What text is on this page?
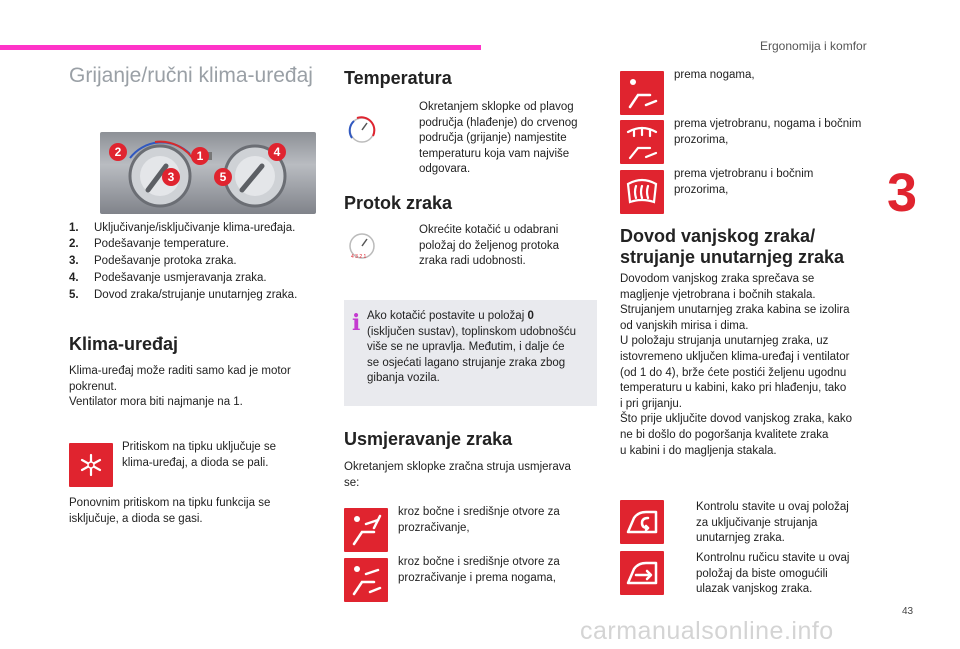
Ergonomija i komfor
3
Grijanje/ručni klima-uređaj
2	1	4
3	5
1. Uključivanje/isključivanje klima-uređaja.
2. Podešavanje temperature.
3. Podešavanje protoka zraka.
4. Podešavanje usmjeravanja zraka.
5. Dovod zraka/strujanje unutarnjeg zraka.
Klima-uređaj
Klima-uređaj može raditi samo kad je motor
pokrenut.
Ventilator mora biti najmanje na 1.
Pritiskom na tipku uključuje se
klima-uređaj, a dioda se pali.
Ponovnim pritiskom na tipku funkcija se
isključuje, a dioda se gasi.
Temperatura
Okretanjem sklopke od plavog
područja (hlađenje) do crvenog
područja (grijanje) namjestite
temperaturu koja vam najviše
odgovara.
Protok zraka
4 3 2 1
Okrećite kotačić u odabrani
položaj do željenog protoka
zraka radi udobnosti.
i Ako kotačić postavite u položaj 0
(isključen sustav), toplinskom udobnošću
više se ne upravlja. Međutim, i dalje će
se osjećati lagano strujanje zraka zbog
gibanja vozila.
Usmjeravanje zraka
Okretanjem sklopke zračna struja usmjerava
se:
kroz bočne i središnje otvore za
prozračivanje,
kroz bočne i središnje otvore za
prozračivanje i prema nogama,
prema nogama,
prema vjetrobranu, nogama i bočnim
prozorima,
prema vjetrobranu i bočnim
prozorima,
Dovod vanjskog zraka/
strujanje unutarnjeg zraka
Dovodom vanjskog zraka sprečava se
magljenje vjetrobrana i bočnih stakala.
Strujanjem unutarnjeg zraka kabina se izolira
od vanjskih mirisa i dima.
U položaju strujanja unutarnjeg zraka, uz
istovremeno uključen klima-uređaj i ventilator
(od 1 do 4), brže ćete postići željenu ugodnu
temperaturu u kabini, kako pri hlađenju, tako
i pri grijanju.
Što prije uključite dovod vanjskog zraka, kako
ne bi došlo do pogoršanja kvalitete zraka
u kabini i do magljenja stakala.
Kontrolu stavite u ovaj položaj
za uključivanje strujanja
unutarnjeg zraka.
Kontrolnu ručicu stavite u ovaj
položaj da biste omogućili
ulazak vanjskog zraka.
43
carmanualsonline.info
